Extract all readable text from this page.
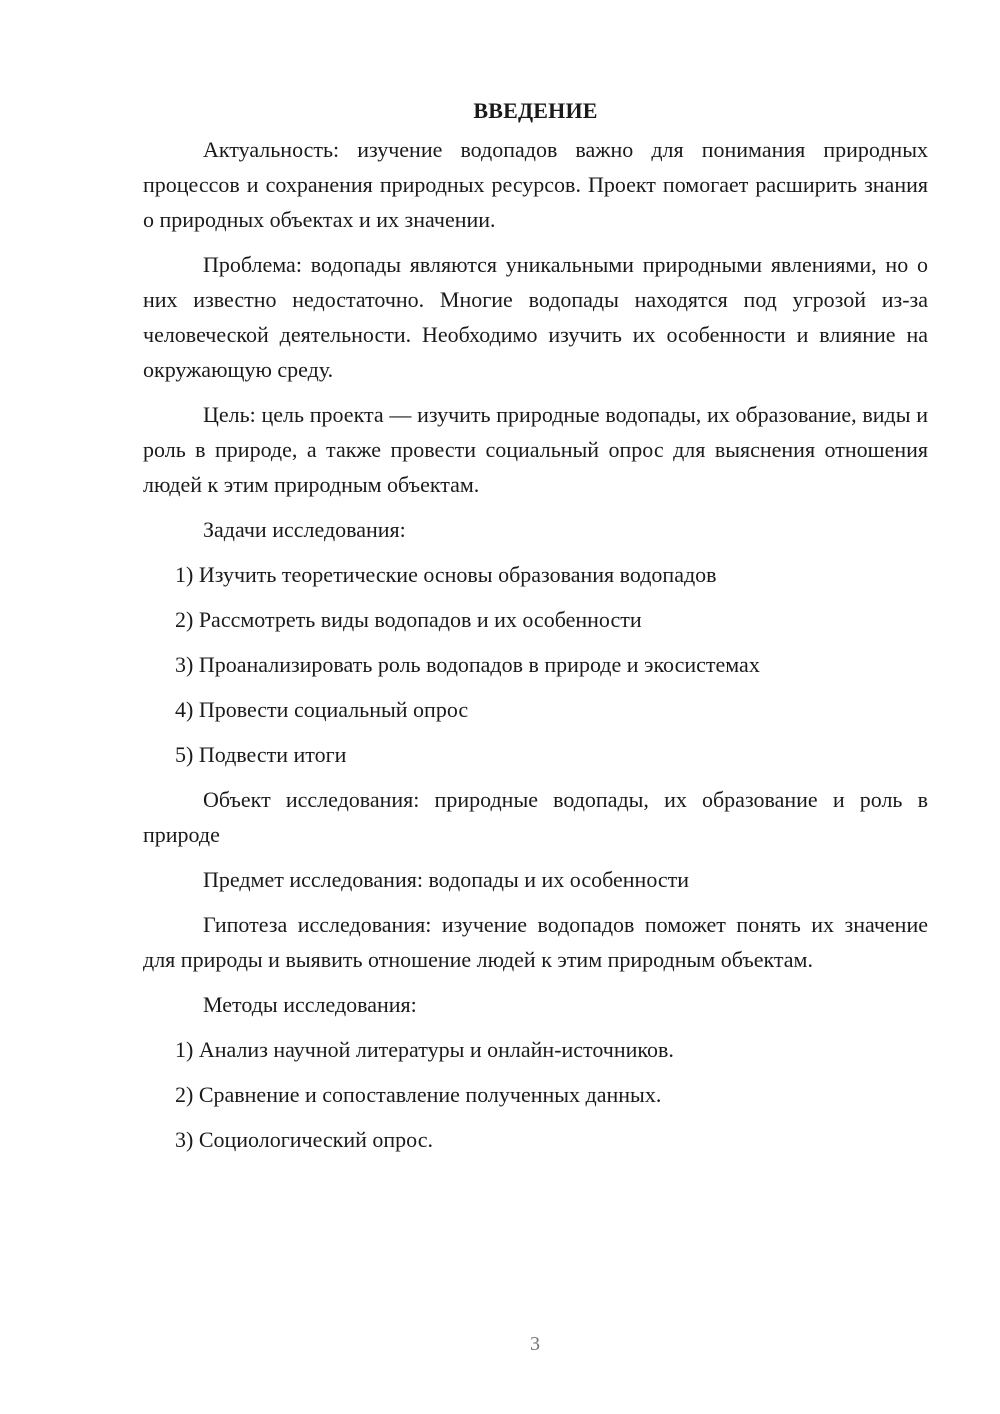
ВВЕДЕНИЕ

Актуальность: изучение водопадов важно для понимания природных процессов и сохранения природных ресурсов. Проект помогает расширить знания о природных объектах и их значении.

Проблема: водопады являются уникальными природными явлениями, но о них известно недостаточно. Многие водопады находятся под угрозой из-за человеческой деятельности. Необходимо изучить их особенности и влияние на окружающую среду.

Цель: цель проекта — изучить природные водопады, их образование, виды и роль в природе, а также провести социальный опрос для выяснения отношения людей к этим природным объектам.

Задачи исследования:

1) Изучить теоретические основы образования водопадов
2) Рассмотреть виды водопадов и их особенности
3) Проанализировать роль водопадов в природе и экосистемах
4) Провести социальный опрос
5) Подвести итоги

Объект исследования: природные водопады, их образование и роль в природе

Предмет исследования: водопады и их особенности

Гипотеза исследования: изучение водопадов поможет понять их значение для природы и выявить отношение людей к этим природным объектам.

Методы исследования:

1) Анализ научной литературы и онлайн-источников.
2) Сравнение и сопоставление полученных данных.
3) Социологический опрос.
3
